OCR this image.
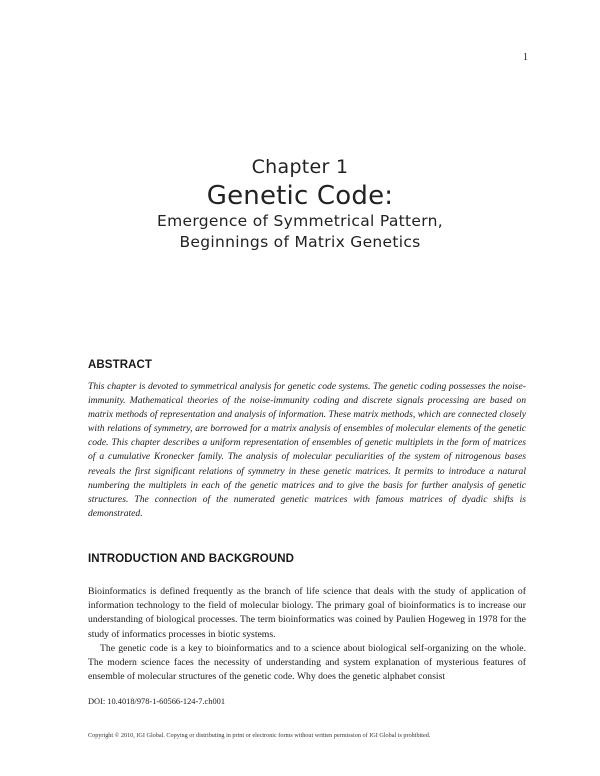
1
Chapter 1
Genetic Code:
Emergence of Symmetrical Pattern,
Beginnings of Matrix Genetics
ABSTRACT
This chapter is devoted to symmetrical analysis for genetic code systems. The genetic coding possesses the noise-immunity. Mathematical theories of the noise-immunity coding and discrete signals processing are based on matrix methods of representation and analysis of information. These matrix methods, which are connected closely with relations of symmetry, are borrowed for a matrix analysis of ensembles of molecular elements of the genetic code. This chapter describes a uniform representation of ensembles of genetic multiplets in the form of matrices of a cumulative Kronecker family. The analysis of molecular peculiarities of the system of nitrogenous bases reveals the first significant relations of symmetry in these genetic matrices. It permits to introduce a natural numbering the multiplets in each of the genetic matrices and to give the basis for further analysis of genetic structures. The connection of the numerated genetic matrices with famous matrices of dyadic shifts is demonstrated.
INTRODUCTION AND BACKGROUND

Bioinformatics is defined frequently as the branch of life science that deals with the study of application of information technology to the field of molecular biology. The primary goal of bioinformatics is to increase our understanding of biological processes. The term bioinformatics was coined by Paulien Hogeweg in 1978 for the study of informatics processes in biotic systems.

The genetic code is a key to bioinformatics and to a science about biological self-organizing on the whole. The modern science faces the necessity of understanding and system explanation of mysterious features of ensemble of molecular structures of the genetic code. Why does the genetic alphabet consist

DOI: 10.4018/978-1-60566-124-7.ch001
Copyright © 2010, IGI Global. Copying or distributing in print or electronic forms without written permission of IGI Global is prohibited.
